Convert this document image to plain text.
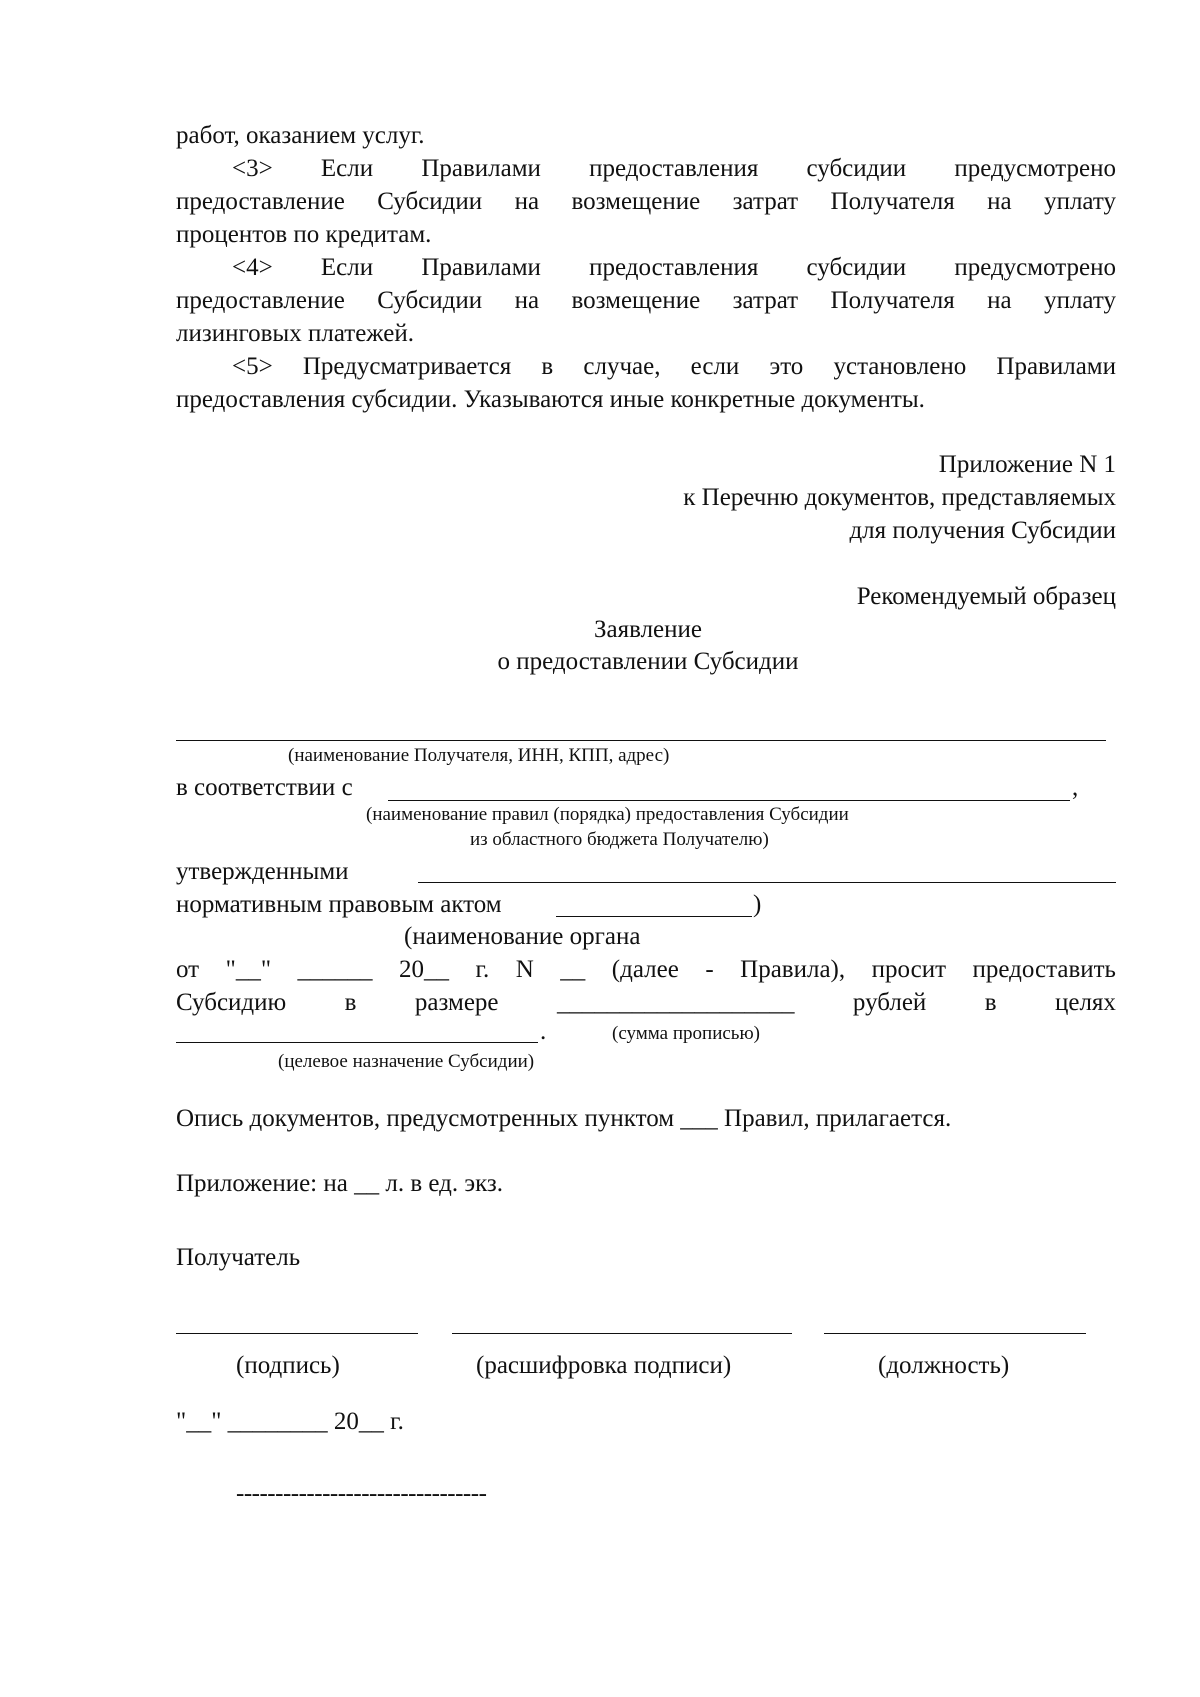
работ, оказанием услуг.
<3> Если Правилами предоставления субсидии предусмотрено
предоставление Субсидии на возмещение затрат Получателя на уплату
процентов по кредитам.
<4> Если Правилами предоставления субсидии предусмотрено
предоставление Субсидии на возмещение затрат Получателя на уплату
лизинговых платежей.
<5> Предусматривается в случае, если это установлено Правилами
предоставления субсидии. Указываются иные конкретные документы.
Приложение N 1
к Перечню документов, представляемых
для получения Субсидии
Рекомендуемый образец
Заявление
о предоставлении Субсидии
(наименование Получателя, ИНН, КПП, адрес)
в соответствии с	,
(наименование правил (порядка) предоставления Субсидии
из областного бюджета Получателю)
утвержденными
нормативным правовым актом	)
(наименование органа
от "__" ______ 20__ г. N __ (далее - Правила), просит предоставить
Субсидию в размере ___________________ рублей в целях
.	(сумма прописью)
(целевое назначение Субсидии)
Опись документов, предусмотренных пунктом ___ Правил, прилагается.
Приложение: на __ л. в ед. экз.
Получатель
(подпись)	(расшифровка подписи)	(должность)
"__" ________ 20__ г.
--------------------------------
